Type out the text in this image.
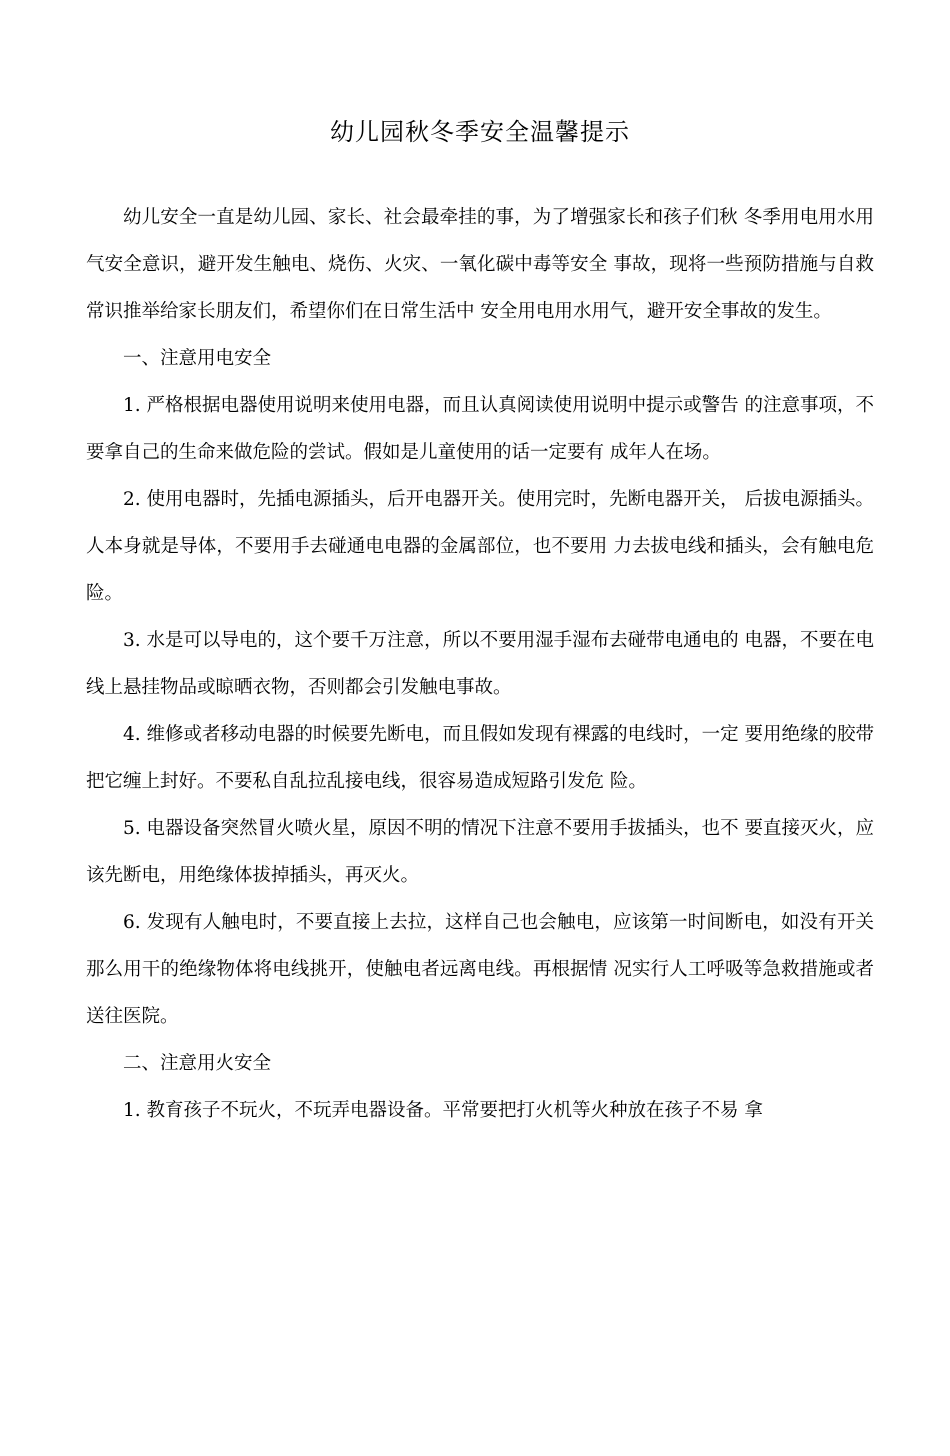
幼儿园秋冬季安全温馨提示

幼儿安全一直是幼儿园、家长、社会最牵挂的事，为了增强家长和孩子们秋 冬季用电用水用气安全意识，避开发生触电、烧伤、火灾、一氧化碳中毒等安全 事故，现将一些预防措施与自救常识推举给家长朋友们，希望你们在日常生活中 安全用电用水用气，避开安全事故的发生。

一、注意用电安全

1. 严格根据电器使用说明来使用电器，而且认真阅读使用说明中提示或警告 的注意事项，不要拿自己的生命来做危险的尝试。假如是儿童使用的话一定要有 成年人在场。

2. 使用电器时，先插电源插头，后开电器开关。使用完时，先断电器开关， 后拔电源插头。人本身就是导体，不要用手去碰通电电器的金属部位，也不要用 力去拔电线和插头，会有触电危险。

3. 水是可以导电的，这个要千万注意，所以不要用湿手湿布去碰带电通电的 电器，不要在电线上悬挂物品或晾晒衣物，否则都会引发触电事故。

4. 维修或者移动电器的时候要先断电，而且假如发现有裸露的电线时，一定 要用绝缘的胶带把它缠上封好。不要私自乱拉乱接电线，很容易造成短路引发危 险。

5. 电器设备突然冒火喷火星，原因不明的情况下注意不要用手拔插头，也不 要直接灭火，应该先断电，用绝缘体拔掉插头，再灭火。

6. 发现有人触电时，不要直接上去拉，这样自己也会触电，应该第一时间断电，如没有开关那么用干的绝缘物体将电线挑开，使触电者远离电线。再根据情 况实行人工呼吸等急救措施或者送往医院。

二、注意用火安全

1. 教育孩子不玩火，不玩弄电器设备。平常要把打火机等火种放在孩子不易 拿
